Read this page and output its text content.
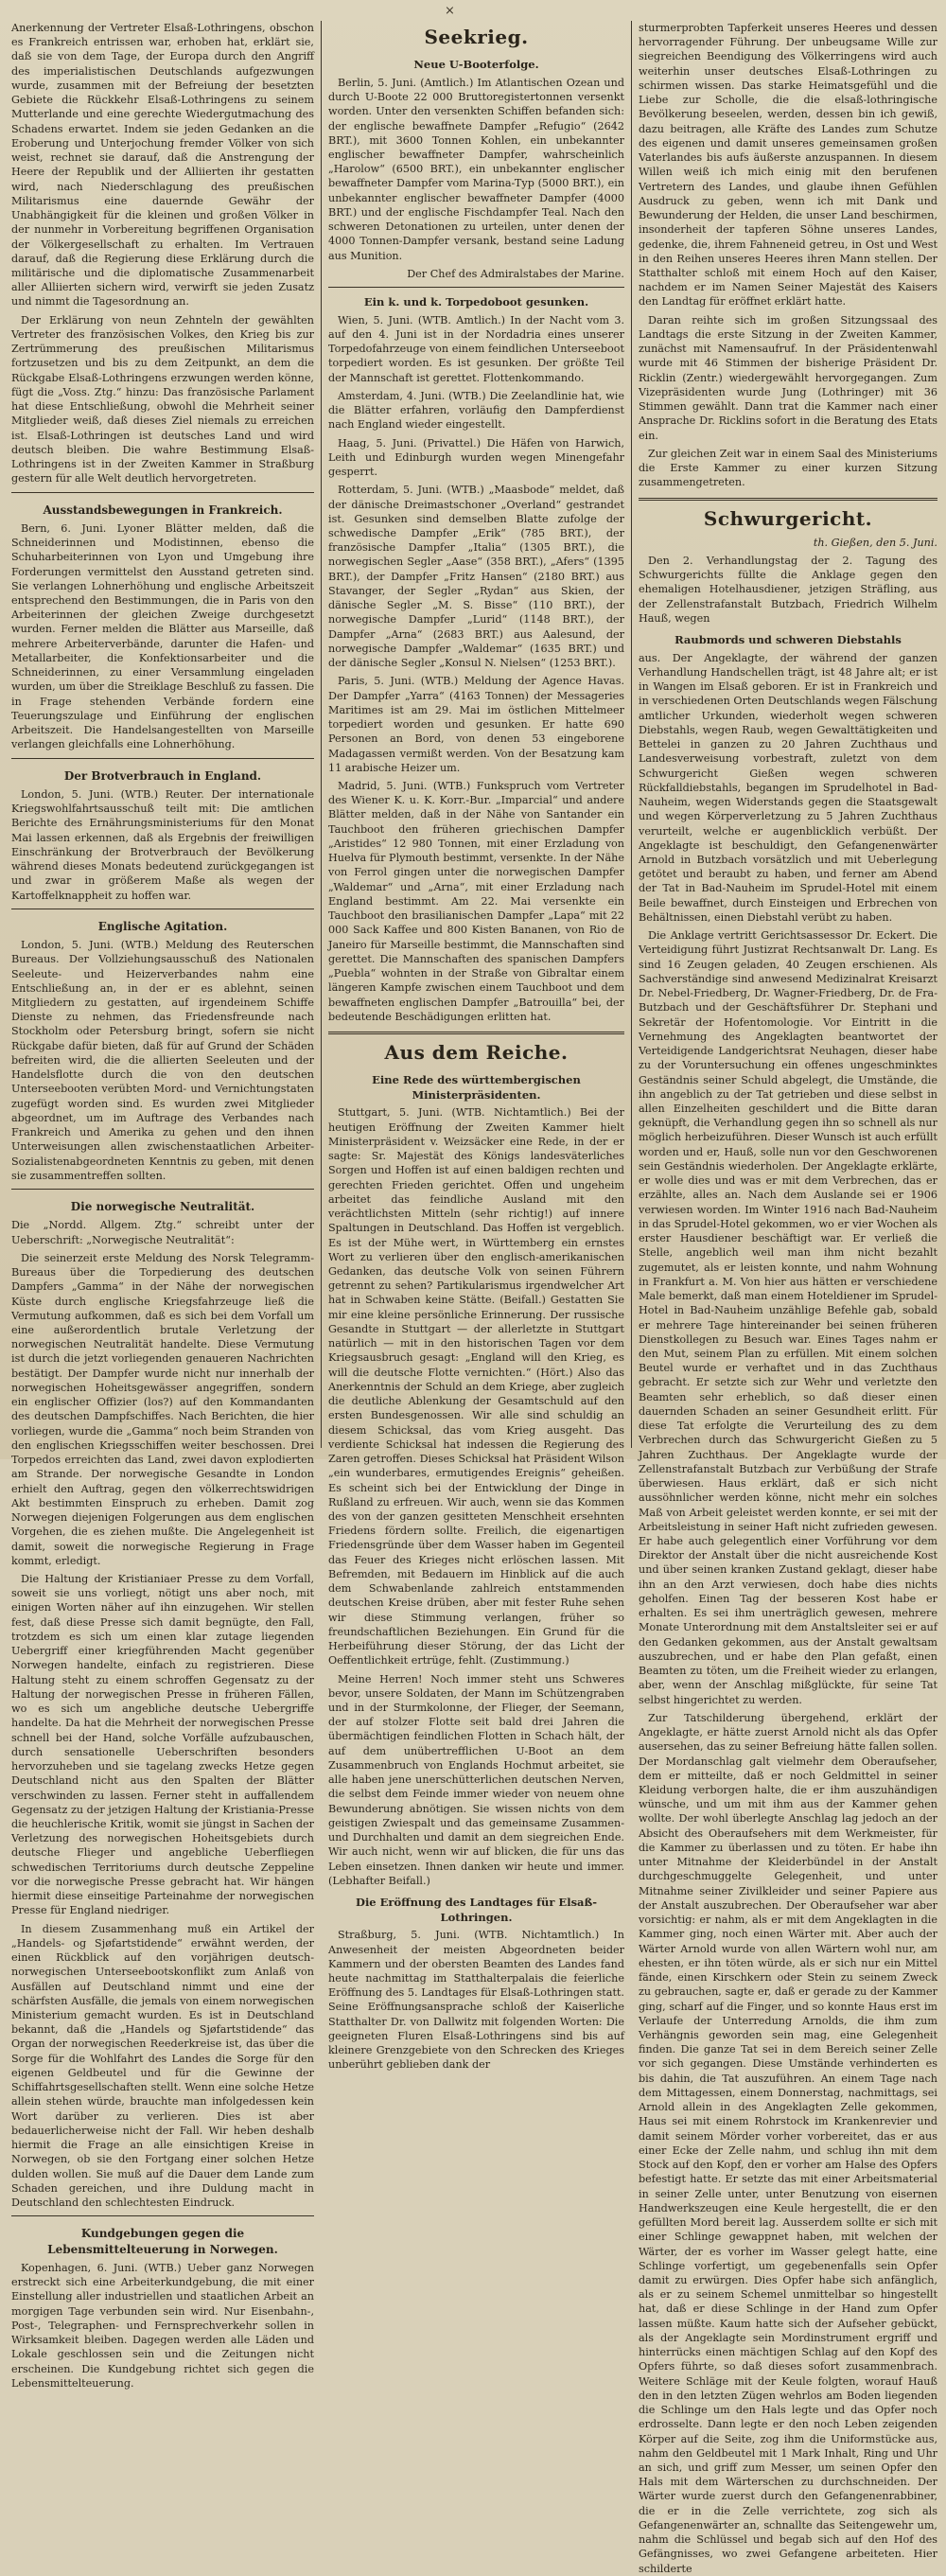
×

Anerkennung der Vertreter Elsaß-Lothringens, obschon es Frankreich entrissen war, erhoben hat, erklärt sie, daß sie von dem Tage, der Europa durch den Angriff des imperialistischen Deutschlands aufgezwungen wurde, zusammen mit der Befreiung der besetzten Gebiete die Rückkehr Elsaß-Lothringens zu seinem Mutterlande und eine gerechte Wiedergutmachung des Schadens erwartet. Indem sie jeden Gedanken an die Eroberung und Unterjochung fremder Völker von sich weist, rechnet sie darauf, daß die Anstrengung der Heere der Republik und der Alliierten ihr gestatten wird, nach Niederschlagung des preußischen Militarismus eine dauernde Gewähr der Unabhängigkeit für die kleinen und großen Völker in der nunmehr in Vorbereitung begriffenen Organisation der Völkergesellschaft zu erhalten. Im Vertrauen darauf, daß die Regierung diese Erklärung durch die militärische und die diplomatische Zusammenarbeit aller Alliierten sichern wird, verwirft sie jeden Zusatz und nimmt die Tagesordnung an.

Der Erklärung von neun Zehnteln der gewählten Vertreter des französischen Volkes, den Krieg bis zur Zertrümmerung des preußischen Militarismus fortzusetzen und bis zu dem Zeitpunkt, an dem die Rückgabe Elsaß-Lothringens erzwungen werden könne, fügt die „Voss. Ztg.“ hinzu: Das französische Parlament hat diese Entschließung, obwohl die Mehrheit seiner Mitglieder weiß, daß dieses Ziel niemals zu erreichen ist. Elsaß-Lothringen ist deutsches Land und wird deutsch bleiben. Die wahre Bestimmung Elsaß-Lothringens ist in der Zweiten Kammer in Straßburg gestern für alle Welt deutlich hervorgetreten.

Ausstandsbewegungen in Frankreich.

Bern, 6. Juni. Lyoner Blätter melden, daß die Schneiderinnen und Modistinnen, ebenso die Schuharbeiterinnen von Lyon und Umgebung ihre Forderungen vermittelst den Ausstand getreten sind. Sie verlangen Lohnerhöhung und englische Arbeitszeit entsprechend den Bestimmungen, die in Paris von den Arbeiterinnen der gleichen Zweige durchgesetzt wurden. Ferner melden die Blätter aus Marseille, daß mehrere Arbeiterverbände, darunter die Hafen- und Metallarbeiter, die Konfektionsarbeiter und die Schneiderinnen, zu einer Versammlung eingeladen wurden, um über die Streiklage Beschluß zu fassen. Die in Frage stehenden Verbände fordern eine Teuerungszulage und Einführung der englischen Arbeitszeit. Die Handelsangestellten von Marseille verlangen gleichfalls eine Lohnerhöhung.

Der Brotverbrauch in England.

London, 5. Juni. (WTB.) Reuter. Der internationale Kriegswohlfahrtsausschuß teilt mit: Die amtlichen Berichte des Ernährungsministeriums für den Monat Mai lassen erkennen, daß als Ergebnis der freiwilligen Einschränkung der Brotverbrauch der Bevölkerung während dieses Monats bedeutend zurückgegangen ist und zwar in größerem Maße als wegen der Kartoffelknappheit zu hoffen war.

Englische Agitation.

London, 5. Juni. (WTB.) Meldung des Reuterschen Bureaus. Der Vollziehungsausschuß des Nationalen Seeleute- und Heizerverbandes nahm eine Entschließung an, in der er es ablehnt, seinen Mitgliedern zu gestatten, auf irgendeinem Schiffe Dienste zu nehmen, das Friedensfreunde nach Stockholm oder Petersburg bringt, sofern sie nicht Rückgabe dafür bieten, daß für auf Grund der Schäden befreiten wird, die die allierten Seeleuten und der Handelsflotte durch die von den deutschen Unterseebooten verübten Mord- und Vernichtungstaten zugefügt worden sind. Es wurden zwei Mitglieder abgeordnet, um im Auftrage des Verbandes nach Frankreich und Amerika zu gehen und den ihnen Unterweisungen allen zwischenstaatlichen Arbeiter-Sozialistenabgeordneten Kenntnis zu geben, mit denen sie zusammentreffen sollten.

Die norwegische Neutralität.

Die „Nordd. Allgem. Ztg.“ schreibt unter der Ueberschrift: „Norwegische Neutralität“:

Die seinerzeit erste Meldung des Norsk Telegramm-Bureaus über die Torpedierung des deutschen Dampfers „Gamma“ in der Nähe der norwegischen Küste durch englische Kriegsfahrzeuge ließ die Vermutung aufkommen, daß es sich bei dem Vorfall um eine außerordentlich brutale Verletzung der norwegischen Neutralität handelte. Diese Vermutung ist durch die jetzt vorliegenden genaueren Nachrichten bestätigt. Der Dampfer wurde nicht nur innerhalb der norwegischen Hoheitsgewässer angegriffen, sondern ein englischer Offizier (los?) auf den Kommandanten des deutschen Dampfschiffes. Nach Berichten, die hier vorliegen, wurde die „Gamma“ noch beim Stranden von den englischen Kriegsschiffen weiter beschossen. Drei Torpedos erreichten das Land, zwei davon explodierten am Strande. Der norwegische Gesandte in London erhielt den Auftrag, gegen den völkerrechtswidrigen Akt bestimmten Einspruch zu erheben. Damit zog Norwegen diejenigen Folgerungen aus dem englischen Vorgehen, die es ziehen mußte. Die Angelegenheit ist damit, soweit die norwegische Regierung in Frage kommt, erledigt.

Die Haltung der Kristianiaer Presse zu dem Vorfall, soweit sie uns vorliegt, nötigt uns aber noch, mit einigen Worten näher auf ihn einzugehen. Wir stellen fest, daß diese Presse sich damit begnügte, den Fall, trotzdem es sich um einen klar zutage liegenden Uebergriff einer kriegführenden Macht gegenüber Norwegen handelte, einfach zu registrieren. Diese Haltung steht zu einem schroffen Gegensatz zu der Haltung der norwegischen Presse in früheren Fällen, wo es sich um angebliche deutsche Uebergriffe handelte. Da hat die Mehrheit der norwegischen Presse schnell bei der Hand, solche Vorfälle aufzubauschen, durch sensationelle Ueberschriften besonders hervorzuheben und sie tagelang zwecks Hetze gegen Deutschland nicht aus den Spalten der Blätter verschwinden zu lassen. Ferner steht in auffallendem Gegensatz zu der jetzigen Haltung der Kristiania-Presse die heuchlerische Kritik, womit sie jüngst in Sachen der Verletzung des norwegischen Hoheitsgebiets durch deutsche Flieger und angebliche Ueberfliegen schwedischen Territoriums durch deutsche Zeppeline vor die norwegische Presse gebracht hat. Wir hängen hiermit diese einseitige Parteinahme der norwegischen Presse für England niedriger.

In diesem Zusammenhang muß ein Artikel der „Handels- og Sjøfartstidende“ erwähnt werden, der einen Rückblick auf den vorjährigen deutsch-norwegischen Unterseebootskonflikt zum Anlaß von Ausfällen auf Deutschland nimmt und eine der schärfsten Ausfälle, die jemals von einem norwegischen Ministerium gemacht wurden. Es ist in Deutschland bekannt, daß die „Handels og Sjøfartstidende“ das Organ der norwegischen Reederkreise ist, das über die Sorge für die Wohlfahrt des Landes die Sorge für den eigenen Geldbeutel und für die Gewinne der Schiffahrtsgesellschaften stellt. Wenn eine solche Hetze allein stehen würde, brauchte man infolgedessen kein Wort darüber zu verlieren. Dies ist aber bedauerlicherweise nicht der Fall. Wir heben deshalb hiermit die Frage an alle einsichtigen Kreise in Norwegen, ob sie den Fortgang einer solchen Hetze dulden wollen. Sie muß auf die Dauer dem Lande zum Schaden gereichen, und ihre Duldung macht in Deutschland den schlechtesten Eindruck.

Kundgebungen gegen die Lebensmittelteuerung in Norwegen.

Kopenhagen, 6. Juni. (WTB.) Ueber ganz Norwegen erstreckt sich eine Arbeiterkundgebung, die mit einer Einstellung aller industriellen und staatlichen Arbeit an morgigen Tage verbunden sein wird. Nur Eisenbahn-, Post-, Telegraphen- und Fernsprechverkehr sollen in Wirksamkeit bleiben. Dagegen werden alle Läden und Lokale geschlossen sein und die Zeitungen nicht erscheinen. Die Kundgebung richtet sich gegen die Lebensmittelteuerung.

Seekrieg.
Neue U-Booterfolge.

Berlin, 5. Juni. (Amtlich.) Im Atlantischen Ozean und durch U-Boote 22 000 Bruttoregistertonnen versenkt worden. Unter den versenkten Schiffen befanden sich: der englische bewaffnete Dampfer „Refugio“ (2642 BRT.), mit 3600 Tonnen Kohlen, ein unbekannter englischer bewaffneter Dampfer, wahrscheinlich „Harolow“ (6500 BRT.), ein unbekannter englischer bewaffneter Dampfer vom Marina-Typ (5000 BRT.), ein unbekannter englischer bewaffneter Dampfer (4000 BRT.) und der englische Fischdampfer Teal. Nach den schweren Detonationen zu urteilen, unter denen der 4000 Tonnen-Dampfer versank, bestand seine Ladung aus Munition.

Der Chef des Admiralstabes der Marine.

Ein k. und k. Torpedoboot gesunken.

Wien, 5. Juni. (WTB. Amtlich.) In der Nacht vom 3. auf den 4. Juni ist in der Nordadria eines unserer Torpedofahrzeuge von einem feindlichen Unterseeboot torpediert worden. Es ist gesunken. Der größte Teil der Mannschaft ist gerettet. Flottenkommando.

Amsterdam, 4. Juni. (WTB.) Die Zeelandlinie hat, wie die Blätter erfahren, vorläufig den Dampferdienst nach England wieder eingestellt.

Haag, 5. Juni. (Privattel.) Die Häfen von Harwich, Leith und Edinburgh wurden wegen Minengefahr gesperrt.

Rotterdam, 5. Juni. (WTB.) „Maasbode“ meldet, daß der dänische Dreimastschoner „Overland“ gestrandet ist. Gesunken sind demselben Blatte zufolge der schwedische Dampfer „Erik“ (785 BRT.), der französische Dampfer „Italia“ (1305 BRT.), die norwegischen Segler „Aase“ (358 BRT.), „Afers“ (1395 BRT.), der Dampfer „Fritz Hansen“ (2180 BRT.) aus Stavanger, der Segler „Rydan“ aus Skien, der dänische Segler „M. S. Bisse“ (110 BRT.), der norwegische Dampfer „Lurid“ (1148 BRT.), der Dampfer „Arna“ (2683 BRT.) aus Aalesund, der norwegische Dampfer „Waldemar“ (1635 BRT.) und der dänische Segler „Konsul N. Nielsen“ (1253 BRT.).

Paris, 5. Juni. (WTB.) Meldung der Agence Havas. Der Dampfer „Yarra“ (4163 Tonnen) der Messageries Maritimes ist am 29. Mai im östlichen Mittelmeer torpediert worden und gesunken. Er hatte 690 Personen an Bord, von denen 53 eingeborene Madagassen vermißt werden. Von der Besatzung kam 11 arabische Heizer um.

Madrid, 5. Juni. (WTB.) Funkspruch vom Vertreter des Wiener K. u. K. Korr.-Bur. „Imparcial“ und andere Blätter melden, daß in der Nähe von Santander ein Tauchboot den früheren griechischen Dampfer „Aristides“ 12 980 Tonnen, mit einer Erzladung von Huelva für Plymouth bestimmt, versenkte. In der Nähe von Ferrol gingen unter die norwegischen Dampfer „Waldemar“ und „Arna“, mit einer Erzladung nach England bestimmt. Am 22. Mai versenkte ein Tauchboot den brasilianischen Dampfer „Lapa“ mit 22 000 Sack Kaffee und 800 Kisten Bananen, von Rio de Janeiro für Marseille bestimmt, die Mannschaften sind gerettet. Die Mannschaften des spanischen Dampfers „Puebla“ wohnten in der Straße von Gibraltar einem längeren Kampfe zwischen einem Tauchboot und dem bewaffneten englischen Dampfer „Batrouilla“ bei, der bedeutende Beschädigungen erlitten hat.

Aus dem Reiche.
Eine Rede des württembergischen Ministerpräsidenten.

Stuttgart, 5. Juni. (WTB. Nichtamtlich.) Bei der heutigen Eröffnung der Zweiten Kammer hielt Ministerpräsident v. Weizsäcker eine Rede, in der er sagte: Sr. Majestät des Königs landesväterliches Sorgen und Hoffen ist auf einen baldigen rechten und gerechten Frieden gerichtet. Offen und ungeheim arbeitet das feindliche Ausland mit den verächtlichsten Mitteln (sehr richtig!) auf innere Spaltungen in Deutschland. Das Hoffen ist vergeblich. Es ist der Mühe wert, in Württemberg ein ernstes Wort zu verlieren über den englisch-amerikanischen Gedanken, das deutsche Volk von seinen Führern getrennt zu sehen? Partikularismus irgendwelcher Art hat in Schwaben keine Stätte. (Beifall.) Gestatten Sie mir eine kleine persönliche Erinnerung. Der russische Gesandte in Stuttgart — der allerletzte in Stuttgart natürlich — mit in den historischen Tagen vor dem Kriegsausbruch gesagt: „England will den Krieg, es will die deutsche Flotte vernichten.“ (Hört.) Also das Anerkenntnis der Schuld an dem Kriege, aber zugleich die deutliche Ablenkung der Gesamtschuld auf den ersten Bundesgenossen. Wir alle sind schuldig an diesem Schicksal, das vom Krieg ausgeht. Das verdiente Schicksal hat indessen die Regierung des Zaren getroffen. Dieses Schicksal hat Präsident Wilson „ein wunderbares, ermutigendes Ereignis“ geheißen. Es scheint sich bei der Entwicklung der Dinge in Rußland zu erfreuen. Wir auch, wenn sie das Kommen des von der ganzen gesitteten Menschheit ersehnten Friedens fördern sollte. Freilich, die eigenartigen Friedensgründe über dem Wasser haben im Gegenteil das Feuer des Krieges nicht erlöschen lassen. Mit Befremden, mit Bedauern im Hinblick auf die auch dem Schwabenlande zahlreich entstammenden deutschen Kreise drüben, aber mit fester Ruhe sehen wir diese Stimmung verlangen, früher so freundschaftlichen Beziehungen. Ein Grund für die Herbeiführung dieser Störung, der das Licht der Oeffentlichkeit ertrüge, fehlt. (Zustimmung.)

Meine Herren! Noch immer steht uns Schweres bevor, unsere Soldaten, der Mann im Schützengraben und in der Sturmkolonne, der Flieger, der Seemann, der auf stolzer Flotte seit bald drei Jahren die übermächtigen feindlichen Flotten in Schach hält, der auf dem unübertrefflichen U-Boot an dem Zusammenbruch von Englands Hochmut arbeitet, sie alle haben jene unerschütterlichen deutschen Nerven, die selbst dem Feinde immer wieder von neuem ohne Bewunderung abnötigen. Sie wissen nichts von dem geistigen Zwiespalt und das gemeinsame Zusammen- und Durchhalten und damit an dem siegreichen Ende. Wir auch nicht, wenn wir auf blicken, die für uns das Leben einsetzen. Ihnen danken wir heute und immer. (Lebhafter Beifall.)

Die Eröffnung des Landtages für Elsaß-Lothringen.

Straßburg, 5. Juni. (WTB. Nichtamtlich.) In Anwesenheit der meisten Abgeordneten beider Kammern und der obersten Beamten des Landes fand heute nachmittag im Statthalterpalais die feierliche Eröffnung des 5. Landtages für Elsaß-Lothringen statt. Seine Eröffnungsansprache schloß der Kaiserliche Statthalter Dr. von Dallwitz mit folgenden Worten: Die geeigneten Fluren Elsaß-Lothringens sind bis auf kleinere Grenzgebiete von den Schrecken des Krieges unberührt geblieben dank der

sturmerprobten Tapferkeit unseres Heeres und dessen hervorragender Führung. Der unbeugsame Wille zur siegreichen Beendigung des Völkerringens wird auch weiterhin unser deutsches Elsaß-Lothringen zu schirmen wissen. Das starke Heimatsgefühl und die Liebe zur Scholle, die die elsaß-lothringische Bevölkerung beseelen, werden, dessen bin ich gewiß, dazu beitragen, alle Kräfte des Landes zum Schutze des eigenen und damit unseres gemeinsamen großen Vaterlandes bis aufs äußerste anzuspannen. In diesem Willen weiß ich mich einig mit den berufenen Vertretern des Landes, und glaube ihnen Gefühlen Ausdruck zu geben, wenn ich mit Dank und Bewunderung der Helden, die unser Land beschirmen, insonderheit der tapferen Söhne unseres Landes, gedenke, die, ihrem Fahneneid getreu, in Ost und West in den Reihen unseres Heeres ihren Mann stellen. Der Statthalter schloß mit einem Hoch auf den Kaiser, nachdem er im Namen Seiner Majestät des Kaisers den Landtag für eröffnet erklärt hatte.

Daran reihte sich im großen Sitzungssaal des Landtags die erste Sitzung in der Zweiten Kammer, zunächst mit Namensaufruf. In der Präsidentenwahl wurde mit 46 Stimmen der bisherige Präsident Dr. Ricklin (Zentr.) wiedergewählt hervorgegangen. Zum Vizepräsidenten wurde Jung (Lothringer) mit 36 Stimmen gewählt. Dann trat die Kammer nach einer Ansprache Dr. Ricklins sofort in die Beratung des Etats ein.

Zur gleichen Zeit war in einem Saal des Ministeriums die Erste Kammer zu einer kurzen Sitzung zusammengetreten.

Schwurgericht.
th. Gießen, den 5. Juni.

Den 2. Verhandlungstag der 2. Tagung des Schwurgerichts füllte die Anklage gegen den ehemaligen Hotelhausdiener, jetzigen Sträfling, aus der Zellenstrafanstalt Butzbach, Friedrich Wilhelm Hauß, wegen

Raubmords und schweren Diebstahls

aus. Der Angeklagte, der während der ganzen Verhandlung Handschellen trägt, ist 48 Jahre alt; er ist in Wangen im Elsaß geboren. Er ist in Frankreich und in verschiedenen Orten Deutschlands wegen Fälschung amtlicher Urkunden, wiederholt wegen schweren Diebstahls, wegen Raub, wegen Gewalttätigkeiten und Bettelei in ganzen zu 20 Jahren Zuchthaus und Landesverweisung vorbestraft, zuletzt von dem Schwurgericht Gießen wegen schweren Rückfalldiebstahls, begangen im Sprudelhotel in Bad-Nauheim, wegen Widerstands gegen die Staatsgewalt und wegen Körperverletzung zu 5 Jahren Zuchthaus verurteilt, welche er augenblicklich verbüßt. Der Angeklagte ist beschuldigt, den Gefangenenwärter Arnold in Butzbach vorsätzlich und mit Ueberlegung getötet und beraubt zu haben, und ferner am Abend der Tat in Bad-Nauheim im Sprudel-Hotel mit einem Beile bewaffnet, durch Einsteigen und Erbrechen von Behältnissen, einen Diebstahl verübt zu haben.

Die Anklage vertritt Gerichtsassessor Dr. Eckert. Die Verteidigung führt Justizrat Rechtsanwalt Dr. Lang. Es sind 16 Zeugen geladen, 40 Zeugen erschienen. Als Sachverständige sind anwesend Medizinalrat Kreisarzt Dr. Nebel-Friedberg, Dr. Wagner-Friedberg, Dr. de Fra-Butzbach und der Geschäftsführer Dr. Stephani und Sekretär der Hofentomologie. Vor Eintritt in die Vernehmung des Angeklagten beantwortet der Verteidigende Landgerichtsrat Neuhagen, dieser habe zu der Voruntersuchung ein offenes ungeschminktes Geständnis seiner Schuld abgelegt, die Umstände, die ihn angeblich zu der Tat getrieben und diese selbst in allen Einzelheiten geschildert und die Bitte daran geknüpft, die Verhandlung gegen ihn so schnell als nur möglich herbeizuführen. Dieser Wunsch ist auch erfüllt worden und er, Hauß, solle nun vor den Geschworenen sein Geständnis wiederholen. Der Angeklagte erklärte, er wolle dies und was er mit dem Verbrechen, das er erzählte, alles an. Nach dem Auslande sei er 1906 verwiesen worden. Im Winter 1916 nach Bad-Nauheim in das Sprudel-Hotel gekommen, wo er vier Wochen als erster Hausdiener beschäftigt war. Er verließ die Stelle, angeblich weil man ihm nicht bezahlt zugemutet, als er leisten konnte, und nahm Wohnung in Frankfurt a. M. Von hier aus hätten er verschiedene Male bemerkt, daß man einem Hoteldiener im Sprudel-Hotel in Bad-Nauheim unzählige Befehle gab, sobald er mehrere Tage hintereinander bei seinen früheren Dienstkollegen zu Besuch war. Eines Tages nahm er den Mut, seinem Plan zu erfüllen. Mit einem solchen Beutel wurde er verhaftet und in das Zuchthaus gebracht. Er setzte sich zur Wehr und verletzte den Beamten sehr erheblich, so daß dieser einen dauernden Schaden an seiner Gesundheit erlitt. Für diese Tat erfolgte die Verurteilung des zu dem Verbrechen durch das Schwurgericht Gießen zu 5 Jahren Zuchthaus. Der Angeklagte wurde der Zellenstrafanstalt Butzbach zur Verbüßung der Strafe überwiesen. Haus erklärt, daß er sich nicht aussöhnlicher werden könne, nicht mehr ein solches Maß von Arbeit geleistet werden konnte, er sei mit der Arbeitsleistung in seiner Haft nicht zufrieden gewesen. Er habe auch gelegentlich einer Vorführung vor dem Direktor der Anstalt über die nicht ausreichende Kost und über seinen kranken Zustand geklagt, dieser habe ihn an den Arzt verwiesen, doch habe dies nichts geholfen. Einen Tag der besseren Kost habe er erhalten. Es sei ihm unerträglich gewesen, mehrere Monate Unterordnung mit dem Anstaltsleiter sei er auf den Gedanken gekommen, aus der Anstalt gewaltsam auszubrechen, und er habe den Plan gefaßt, einen Beamten zu töten, um die Freiheit wieder zu erlangen, aber, wenn der Anschlag mißglückte, für seine Tat selbst hingerichtet zu werden.

Zur Tatschilderung übergehend, erklärt der Angeklagte, er hätte zuerst Arnold nicht als das Opfer ausersehen, das zu seiner Befreiung hätte fallen sollen. Der Mordanschlag galt vielmehr dem Oberaufseher, dem er mitteilte, daß er noch Geldmittel in seiner Kleidung verborgen halte, die er ihm auszuhändigen wünsche, und um mit ihm aus der Kammer gehen wollte. Der wohl überlegte Anschlag lag jedoch an der Absicht des Oberaufsehers mit dem Werkmeister, für die Kammer zu überlassen und zu töten. Er habe ihn unter Mitnahme der Kleiderbündel in der Anstalt durchgeschmuggelte Gelegenheit, und unter Mitnahme seiner Zivilkleider und seiner Papiere aus der Anstalt auszubrechen. Der Oberaufseher war aber vorsichtig: er nahm, als er mit dem Angeklagten in die Kammer ging, noch einen Wärter mit. Aber auch der Wärter Arnold wurde von allen Wärtern wohl nur, am ehesten, er ihn töten würde, als er sich nur ein Mittel fände, einen Kirschkern oder Stein zu seinem Zweck zu gebrauchen, sagte er, daß er gerade zu der Kammer ging, scharf auf die Finger, und so konnte Haus erst im Verlaufe der Unterredung Arnolds, die ihm zum Verhängnis geworden sein mag, eine Gelegenheit finden. Die ganze Tat sei in dem Bereich seiner Zelle vor sich gegangen. Diese Umstände verhinderten es bis dahin, die Tat auszuführen. An einem Tage nach dem Mittagessen, einem Donnerstag, nachmittags, sei Arnold allein in des Angeklagten Zelle gekommen, Haus sei mit einem Rohrstock im Krankenrevier und damit seinem Mörder vorher vorbereitet, das er aus einer Ecke der Zelle nahm, und schlug ihn mit dem Stock auf den Kopf, den er vorher am Halse des Opfers befestigt hatte. Er setzte das mit einer Arbeitsmaterial in seiner Zelle unter, unter Benutzung von eisernen Handwerkszeugen eine Keule hergestellt, die er den gefüllten Mord bereit lag. Ausserdem sollte er sich mit einer Schlinge gewappnet haben, mit welchen der Wärter, der es vorher im Wasser gelegt hatte, eine Schlinge vorfertigt, um gegebenenfalls sein Opfer damit zu erwürgen. Dies Opfer habe sich anfänglich, als er zu seinem Schemel unmittelbar so hingestellt hat, daß er diese Schlinge in der Hand zum Opfer lassen müßte. Kaum hatte sich der Aufseher gebückt, als der Angeklagte sein Mordinstrument ergriff und hinterrücks einen mächtigen Schlag auf den Kopf des Opfers führte, so daß dieses sofort zusammenbrach. Weitere Schläge mit der Keule folgten, worauf Hauß den in den letzten Zügen wehrlos am Boden liegenden die Schlinge um den Hals legte und das Opfer noch erdrosselte. Dann legte er den noch Leben zeigenden Körper auf die Seite, zog ihm die Uniformstücke aus, nahm den Geldbeutel mit 1 Mark Inhalt, Ring und Uhr an sich, und griff zum Messer, um seinen Opfer den Hals mit dem Wärterschen zu durchschneiden. Der Wärter wurde zuerst durch den Gefangenenrabbiner, die er in die Zelle verrichtete, zog sich als Gefangenenwärter an, schnallte das Seitengewehr um, nahm die Schlüssel und begab sich auf den Hof des Gefängnisses, wo zwei Gefangene arbeiteten. Hier schilderte
